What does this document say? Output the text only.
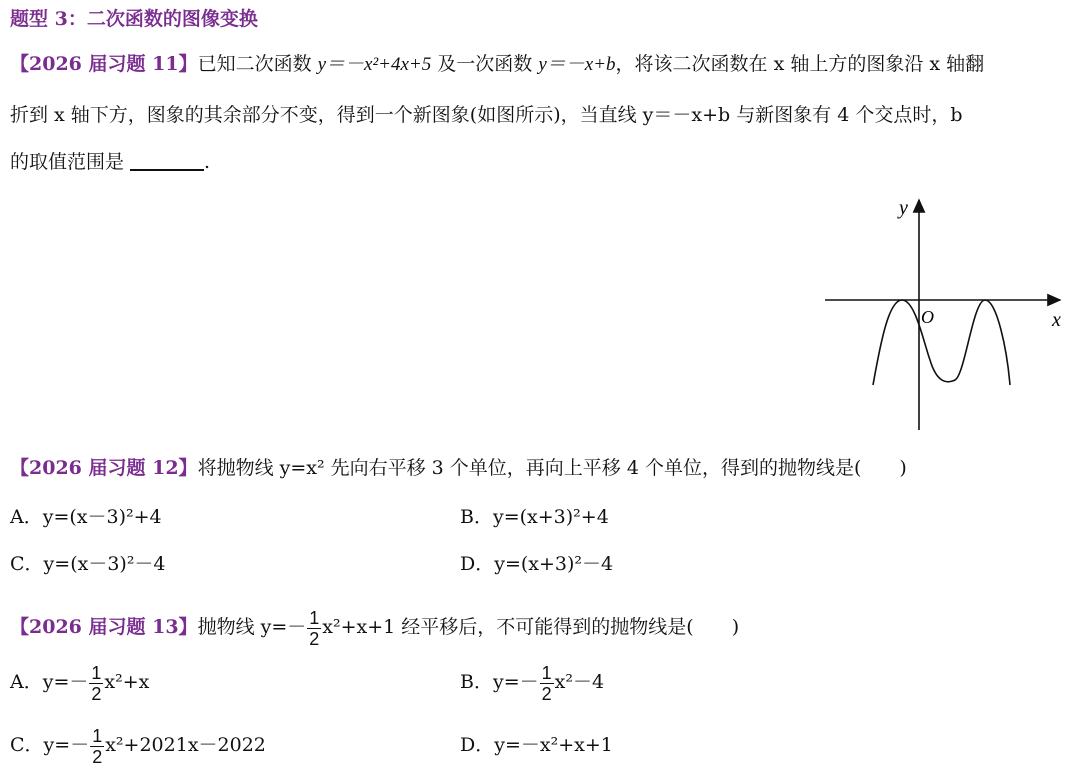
题型 3：二次函数的图像变换
【2026 届习题 11】已知二次函数 y＝－x²+4x+5 及一次函数 y＝－x+b，将该二次函数在 x 轴上方的图象沿 x 轴翻
折到 x 轴下方，图象的其余部分不变，得到一个新图象(如图所示)，当直线 y＝－x+b 与新图象有 4 个交点时，b
的取值范围是	.
y
x
O
【2026 届习题 12】将抛物线 y=x² 先向右平移 3 个单位，再向上平移 4 个单位，得到的抛物线是(　　)
A．y=(x－3)²+4	B．y=(x+3)²+4
C．y=(x－3)²－4	D．y=(x+3)²－4
【2026 届习题 13】抛物线 $y=- \frac{1}{2} x^2+x+1$ 经平移后，不可能得到的抛物线是(　　)
A．$y=- \frac{1}{2} x^2+x$	B．$y=- \frac{1}{2} x^2-4$
C．$y=- \frac{1}{2} x^2+2021x-2022$	D．y=－x²+x+1
